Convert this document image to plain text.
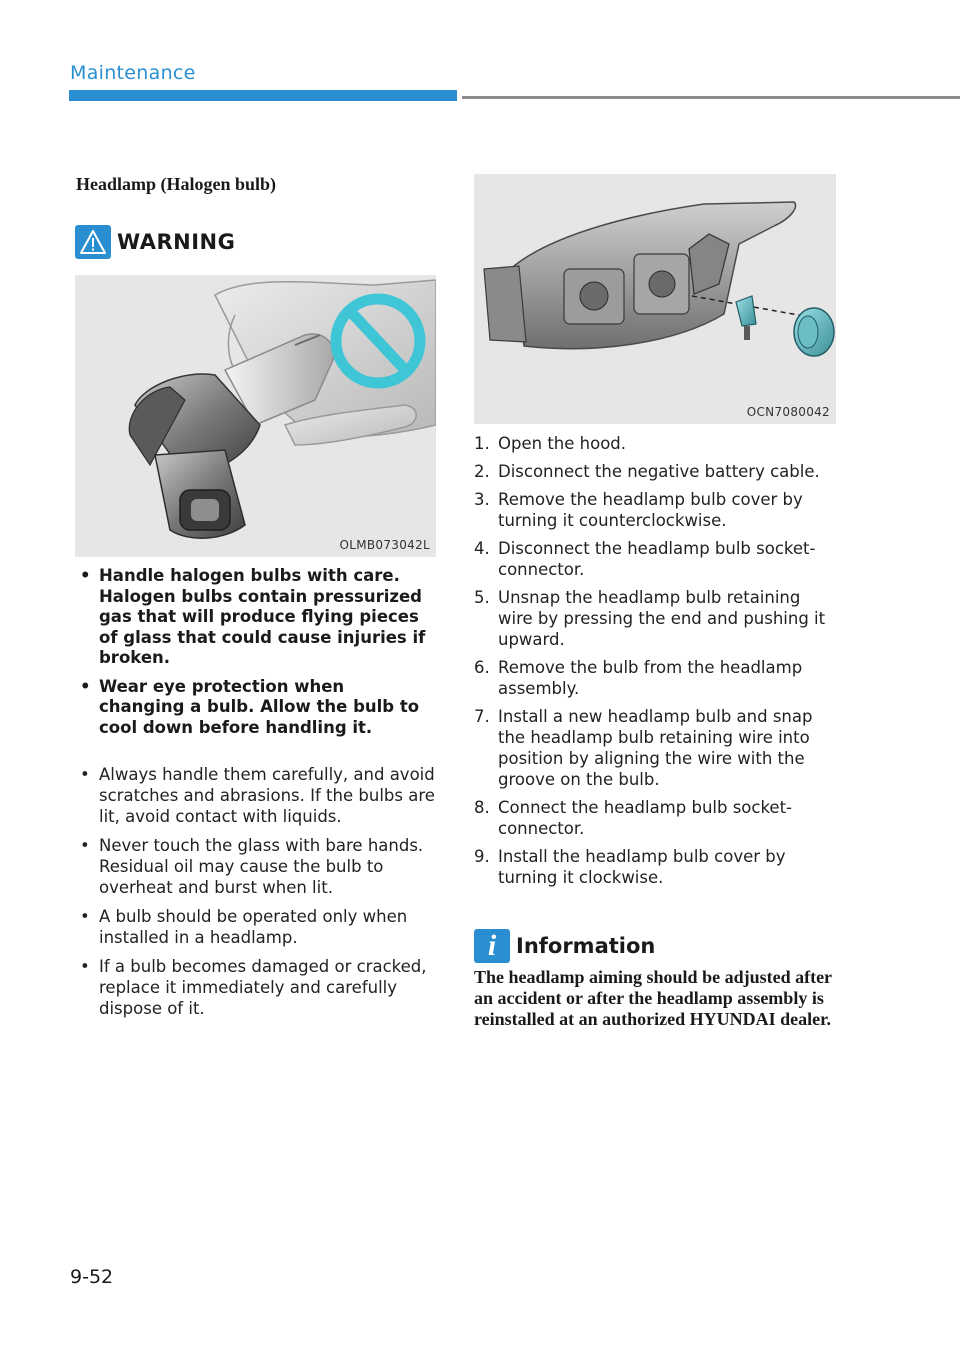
Maintenance
Headlamp (Halogen bulb)
WARNING
OLMB073042L
• Handle halogen bulbs with care. Halogen bulbs contain pressurized gas that will produce flying pieces of glass that could cause injuries if broken.
• Wear eye protection when changing a bulb. Allow the bulb to cool down before handling it.
• Always handle them carefully, and avoid scratches and abrasions. If the bulbs are lit, avoid contact with liquids.
• Never touch the glass with bare hands. Residual oil may cause the bulb to overheat and burst when lit.
• A bulb should be operated only when installed in a headlamp.
• If a bulb becomes damaged or cracked, replace it immediately and carefully dispose of it.
OCN7080042
1. Open the hood.
2. Disconnect the negative battery cable.
3. Remove the headlamp bulb cover by turning it counterclockwise.
4. Disconnect the headlamp bulb socket-connector.
5. Unsnap the headlamp bulb retaining wire by pressing the end and pushing it upward.
6. Remove the bulb from the headlamp assembly.
7. Install a new headlamp bulb and snap the headlamp bulb retaining wire into position by aligning the wire with the groove on the bulb.
8. Connect the headlamp bulb socket-connector.
9. Install the headlamp bulb cover by turning it clockwise.
i Information
The headlamp aiming should be adjusted after an accident or after the headlamp assembly is reinstalled at an authorized HYUNDAI dealer.
9-52
